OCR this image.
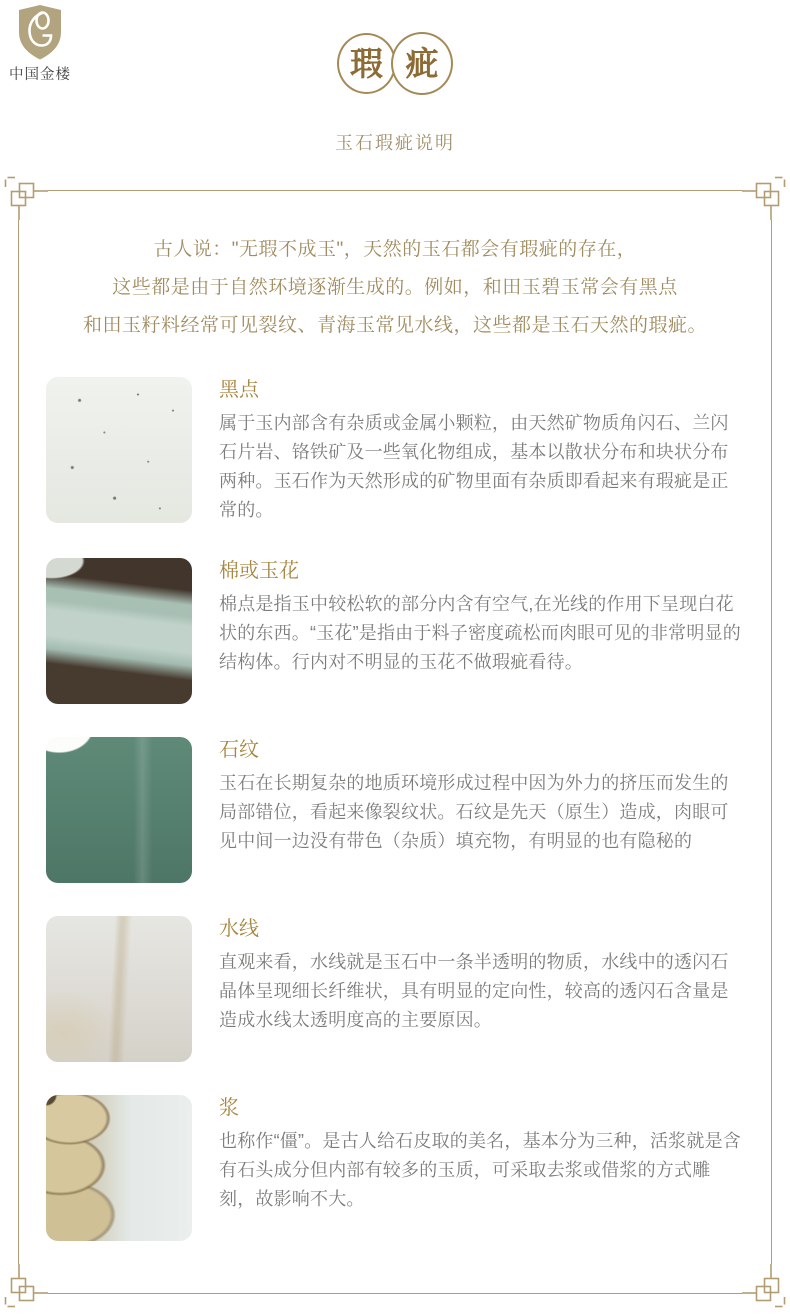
中国金楼	瑕 疵
玉石瑕疵说明
古人说："无瑕不成玉"，天然的玉石都会有瑕疵的存在，
这些都是由于自然环境逐渐生成的。例如，和田玉碧玉常会有黑点
和田玉籽料经常可见裂纹、青海玉常见水线，这些都是玉石天然的瑕疵。
黑点
属于玉内部含有杂质或金属小颗粒，由天然矿物质角闪石、兰闪石片岩、铬铁矿及一些氧化物组成，基本以散状分布和块状分布两种。玉石作为天然形成的矿物里面有杂质即看起来有瑕疵是正常的。
棉或玉花
棉点是指玉中较松软的部分内含有空气,在光线的作用下呈现白花状的东西。“玉花”是指由于料子密度疏松而肉眼可见的非常明显的结构体。行内对不明显的玉花不做瑕疵看待。
石纹
玉石在长期复杂的地质环境形成过程中因为外力的挤压而发生的局部错位，看起来像裂纹状。石纹是先天（原生）造成，肉眼可见中间一边没有带色（杂质）填充物，有明显的也有隐秘的
水线
直观来看，水线就是玉石中一条半透明的物质，水线中的透闪石晶体呈现细长纤维状，具有明显的定向性，较高的透闪石含量是造成水线太透明度高的主要原因。
浆
也称作“僵”。是古人给石皮取的美名，基本分为三种，活浆就是含有石头成分但内部有较多的玉质，可采取去浆或借浆的方式雕刻，故影响不大。
